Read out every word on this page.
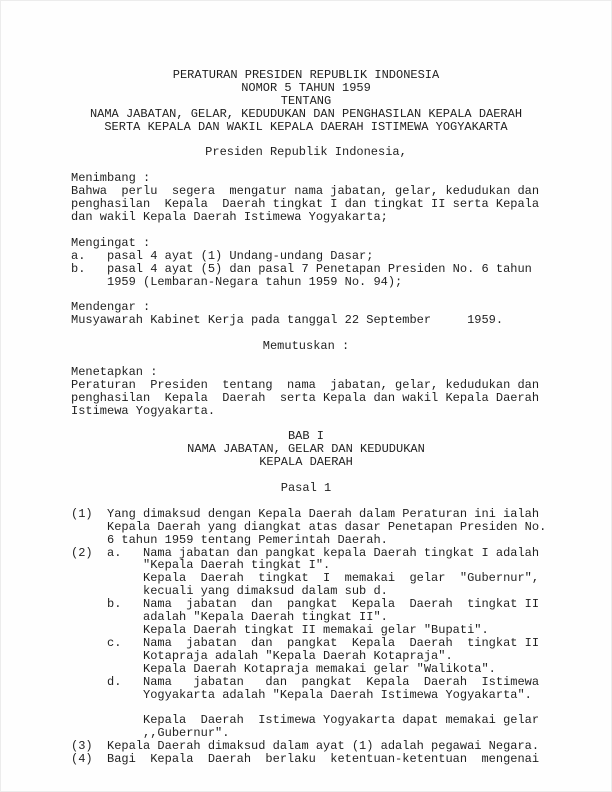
PERATURAN PRESIDEN REPUBLIK INDONESIA
NOMOR 5 TAHUN 1959
TENTANG
NAMA JABATAN, GELAR, KEDUDUKAN DAN PENGHASILAN KEPALA DAERAH
SERTA KEPALA DAN WAKIL KEPALA DAERAH ISTIMEWA YOGYAKARTA

Presiden Republik Indonesia,

Menimbang :
Bahwa  perlu  segera  mengatur nama jabatan, gelar, kedudukan dan
penghasilan  Kepala  Daerah tingkat I dan tingkat II serta Kepala
dan wakil Kepala Daerah Istimewa Yogyakarta;

Mengingat :
a.   pasal 4 ayat (1) Undang-undang Dasar;
b.   pasal 4 ayat (5) dan pasal 7 Penetapan Presiden No. 6 tahun
1959 (Lembaran-Negara tahun 1959 No. 94);

Mendengar :
Musyawarah Kabinet Kerja pada tanggal 22 September     1959.

Memutuskan :

Menetapkan :
Peraturan  Presiden  tentang  nama  jabatan, gelar, kedudukan dan
penghasilan  Kepala  Daerah  serta Kepala dan wakil Kepala Daerah
Istimewa Yogyakarta.

BAB I
NAMA JABATAN, GELAR DAN KEDUDUKAN
KEPALA DAERAH

Pasal 1

(1)  Yang dimaksud dengan Kepala Daerah dalam Peraturan ini ialah
Kepala Daerah yang diangkat atas dasar Penetapan Presiden No.
6 tahun 1959 tentang Pemerintah Daerah.
(2)  a.   Nama jabatan dan pangkat kepala Daerah tingkat I adalah
"Kepala Daerah tingkat I".
Kepala  Daerah  tingkat  I  memakai  gelar  "Gubernur",
kecuali yang dimaksud dalam sub d.
b.   Nama  jabatan  dan  pangkat  Kepala  Daerah  tingkat II
adalah "Kepala Daerah tingkat II".
Kepala Daerah tingkat II memakai gelar "Bupati".
c.   Nama  jabatan  dan  pangkat  Kepala  Daerah  tingkat II
Kotapraja adalah "Kepala Daerah Kotapraja".
Kepala Daerah Kotapraja memakai gelar "Walikota".
d.   Nama   jabatan   dan  pangkat  Kepala  Daerah  Istimewa
Yogyakarta adalah "Kepala Daerah Istimewa Yogyakarta".

Kepala  Daerah  Istimewa Yogyakarta dapat memakai gelar
,,Gubernur".
(3)  Kepala Daerah dimaksud dalam ayat (1) adalah pegawai Negara.
(4)  Bagi  Kepala  Daerah  berlaku  ketentuan-ketentuan  mengenai
